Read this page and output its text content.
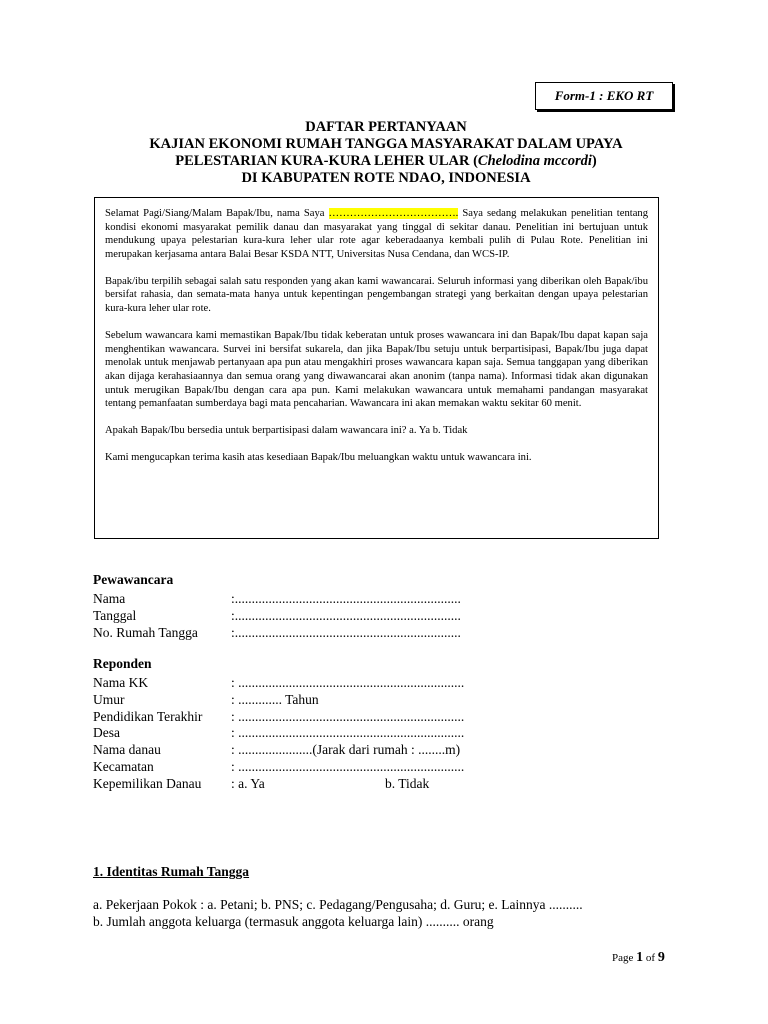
Form-1 : EKO RT
DAFTAR PERTANYAAN
KAJIAN EKONOMI RUMAH TANGGA MASYARAKAT DALAM UPAYA
PELESTARIAN KURA-KURA LEHER ULAR (Chelodina mccordi)
DI KABUPATEN ROTE NDAO, INDONESIA

Selamat Pagi/Siang/Malam Bapak/Ibu, nama Saya ………………………………. Saya sedang melakukan penelitian tentang kondisi ekonomi masyarakat pemilik danau dan masyarakat yang tinggal di sekitar danau. Penelitian ini bertujuan untuk mendukung upaya pelestarian kura-kura leher ular rote agar keberadaanya kembali pulih di Pulau Rote. Penelitian ini merupakan kerjasama antara Balai Besar KSDA NTT, Universitas Nusa Cendana, dan WCS-IP.

Bapak/ibu terpilih sebagai salah satu responden yang akan kami wawancarai. Seluruh informasi yang diberikan oleh Bapak/ibu bersifat rahasia, dan semata-mata hanya untuk kepentingan pengembangan strategi yang berkaitan dengan upaya pelestarian kura-kura leher ular rote.

Sebelum wawancara kami memastikan Bapak/Ibu tidak keberatan untuk proses wawancara ini dan Bapak/Ibu dapat kapan saja menghentikan wawancara. Survei ini bersifat sukarela, dan jika Bapak/Ibu setuju untuk berpartisipasi, Bapak/Ibu juga dapat menolak untuk menjawab pertanyaan apa pun atau mengakhiri proses wawancara kapan saja. Semua tanggapan yang diberikan akan dijaga kerahasiaannya dan semua orang yang diwawancarai akan anonim (tanpa nama). Informasi tidak akan digunakan untuk merugikan Bapak/Ibu dengan cara apa pun. Kami melakukan wawancara untuk memahami pandangan masyarakat tentang pemanfaatan sumberdaya bagi mata pencaharian. Wawancara ini akan memakan waktu sekitar 60 menit.

Apakah Bapak/Ibu bersedia untuk berpartisipasi dalam wawancara ini? a. Ya b. Tidak

Kami mengucapkan terima kasih atas kesediaan Bapak/Ibu meluangkan waktu untuk wawancara ini.

Pewawancara
Nama	:...................................................................
Tanggal	:...................................................................
No. Rumah Tangga :...................................................................
Reponden
Nama KK	: ...................................................................
Umur	: ............. Tahun
Pendidikan Terakhir : ...................................................................
Desa	: ...................................................................
Nama danau	: ......................(Jarak dari rumah : ........m)
Kecamatan	: ...................................................................
Kepemilikan Danau : a. Ya	b. Tidak
1. Identitas Rumah Tangga
a. Pekerjaan Pokok : a. Petani; b. PNS; c. Pedagang/Pengusaha; d. Guru; e. Lainnya ..........
b. Jumlah anggota keluarga (termasuk anggota keluarga lain) .......... orang
Page 1 of 9
